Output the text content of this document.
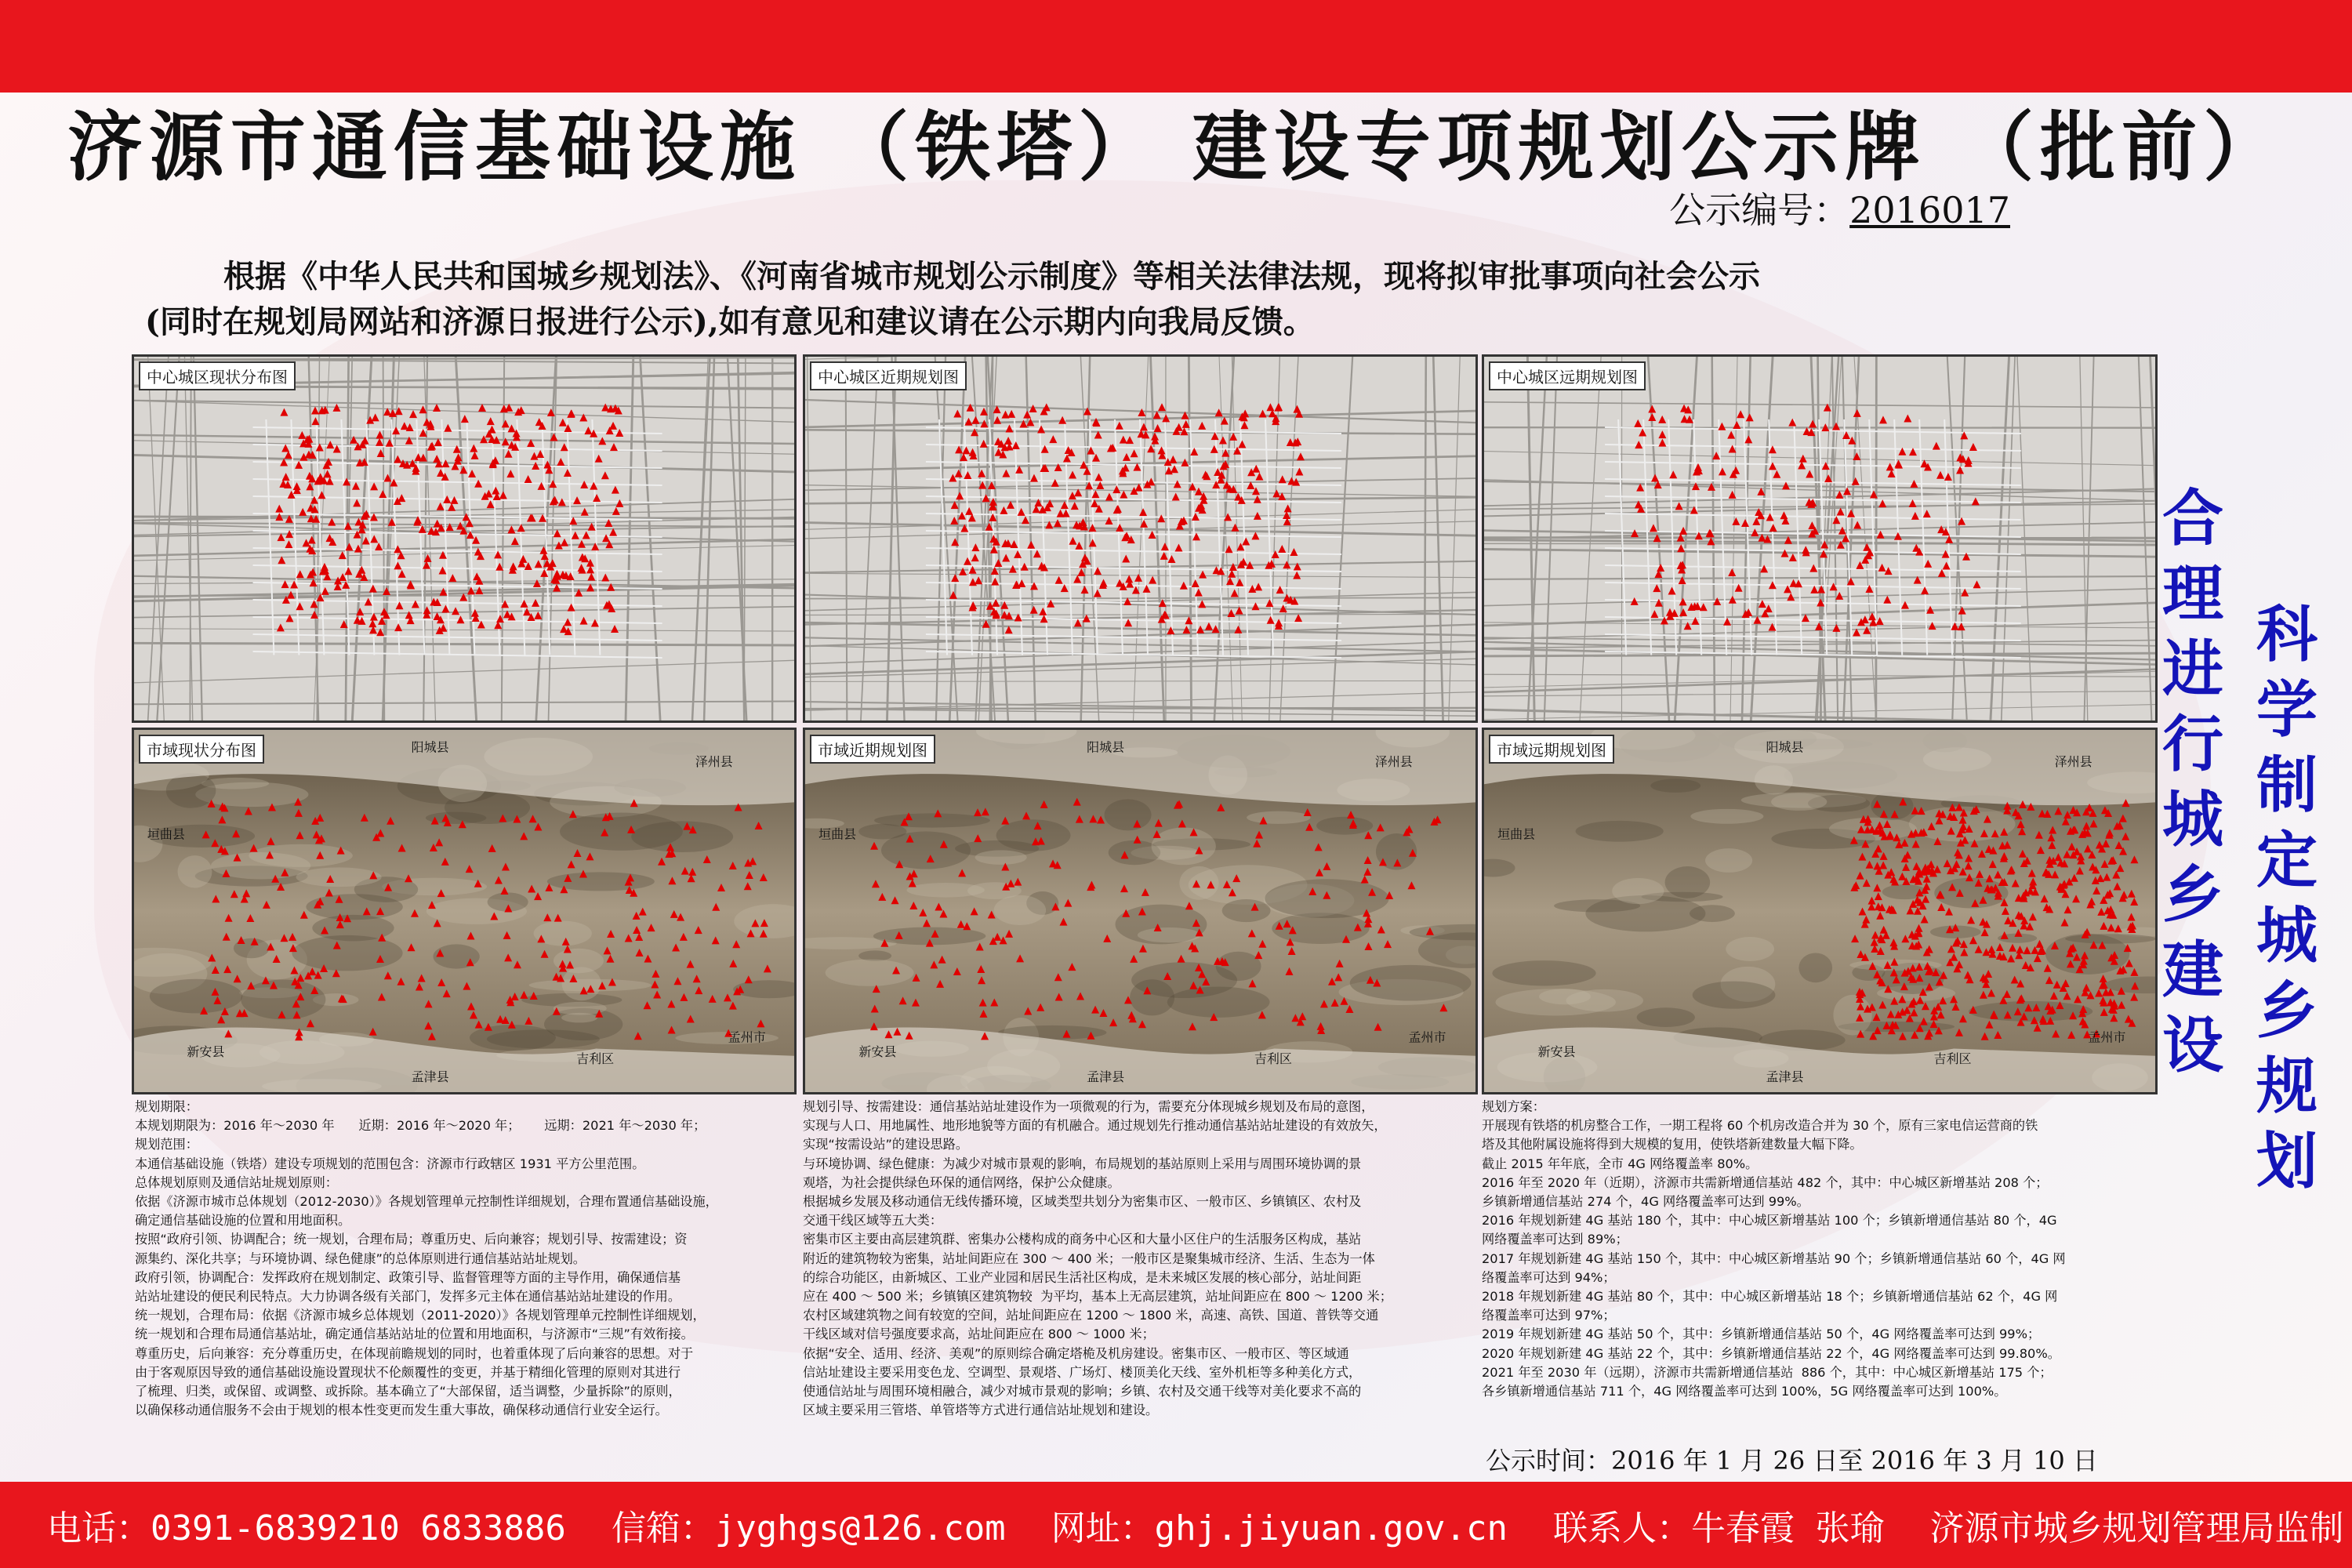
济源市通信基础设施 （铁塔） 建设专项规划公示牌 （批前）
公示编号：2016017

根据《中华人民共和国城乡规划法》、《河南省城市规划公示制度》等相关法律法规，现将拟审批事项向社会公示

(同时在规划局网站和济源日报进行公示),如有意见和建议请在公示期内向我局反馈。

中心城区现状分布图	中心城区近期规划图	中心城区远期规划图
阳城县
泽州县
垣曲县
新安县
孟津县
吉利区
孟州市
市域现状分布图	阳城县
泽州县
垣曲县
新安县
孟津县
吉利区
孟州市
市域近期规划图	阳城县
泽州县
垣曲县
新安县
孟津县
吉利区
孟州市
市域远期规划图
规划期限：
本规划期限为：2016 年～2030 年      近期：2016 年～2020 年；      远期：2021 年～2030 年；
规划范围：
本通信基础设施（铁塔）建设专项规划的范围包含：济源市行政辖区 1931 平方公里范围。
总体规划原则及通信站址规划原则：
依据《济源市城市总体规划（2012-2030）》各规划管理单元控制性详细规划，合理布置通信基础设施，
确定通信基础设施的位置和用地面积。
按照“政府引领、协调配合；统一规划，合理布局；尊重历史、后向兼容；规划引导、按需建设；资
源集约、深化共享；与环境协调、绿色健康”的总体原则进行通信基站站址规划。
政府引领，协调配合：发挥政府在规划制定、政策引导、监督管理等方面的主导作用，确保通信基
站站址建设的便民利民特点。大力协调各级有关部门，发挥多元主体在通信基站站址建设的作用。
统一规划，合理布局：依据《济源市城乡总体规划（2011-2020）》各规划管理单元控制性详细规划，
统一规划和合理布局通信基站址，确定通信基站站址的位置和用地面积，与济源市“三规”有效衔接。
尊重历史，后向兼容：充分尊重历史，在体现前瞻规划的同时，也着重体现了后向兼容的思想。对于
由于客观原因导致的通信基础设施设置现状不伦颇覆性的变更，并基于精细化管理的原则对其进行
了梳理、归类，或保留、或调整、或拆除。基本确立了“大部保留，适当调整，少量拆除”的原则，
以确保移动通信服务不会由于规划的根本性变更而发生重大事故，确保移动通信行业安全运行。
规划引导、按需建设：通信基站站址建设作为一项微观的行为，需要充分体现城乡规划及布局的意图，
实现与人口、用地属性、地形地貌等方面的有机融合。通过规划先行推动通信基站站址建设的有效放矢，
实现“按需设站”的建设思路。
与环境协调、绿色健康：为减少对城市景观的影响，布局规划的基站原则上采用与周围环境协调的景
观塔，为社会提供绿色环保的通信网络，保护公众健康。
根据城乡发展及移动通信无线传播环境，区域类型共划分为密集市区、一般市区、乡镇镇区、农村及
交通干线区域等五大类：
密集市区主要由高层建筑群、密集办公楼构成的商务中心区和大量小区住户的生活服务区构成，基站
附近的建筑物较为密集，站址间距应在 300 ～ 400 米；一般市区是聚集城市经济、生活、生态为一体
的综合功能区，由新城区、工业产业园和居民生活社区构成，是未来城区发展的核心部分，站址间距
应在 400 ～ 500 米；乡镇镇区建筑物较  为平均，基本上无高层建筑，站址间距应在 800 ～ 1200 米；
农村区域建筑物之间有较宽的空间，站址间距应在 1200 ～ 1800 米，高速、高铁、国道、普铁等交通
干线区域对信号强度要求高，站址间距应在 800 ～ 1000 米；
依据“安全、适用、经济、美观”的原则综合确定塔桅及机房建设。密集市区、一般市区、等区域通
信站址建设主要采用变色龙、空调型、景观塔、广场灯、楼顶美化天线、室外机柜等多种美化方式，
使通信站址与周围环境相融合，减少对城市景观的影响；乡镇、农村及交通干线等对美化要求不高的
区域主要采用三管塔、单管塔等方式进行通信站址规划和建设。
规划方案：
开展现有铁塔的机房整合工作，一期工程将 60 个机房改造合并为 30 个，原有三家电信运营商的铁
塔及其他附属设施将得到大规模的复用，使铁塔新建数量大幅下降。
截止 2015 年年底，全市 4G 网络覆盖率 80%。
2016 年至 2020 年（近期），济源市共需新增通信基站 482 个，其中：中心城区新增基站 208 个；
乡镇新增通信基站 274 个，4G 网络覆盖率可达到 99%。
2016 年规划新建 4G 基站 180 个，其中：中心城区新增基站 100 个；乡镇新增通信基站 80 个，4G
网络覆盖率可达到 89%；
2017 年规划新建 4G 基站 150 个，其中：中心城区新增基站 90 个；乡镇新增通信基站 60 个，4G 网
络覆盖率可达到 94%；
2018 年规划新建 4G 基站 80 个，其中：中心城区新增基站 18 个；乡镇新增通信基站 62 个，4G 网
络覆盖率可达到 97%；
2019 年规划新建 4G 基站 50 个，其中：乡镇新增通信基站 50 个，4G 网络覆盖率可达到 99%；
2020 年规划新建 4G 基站 22 个，其中：乡镇新增通信基站 22 个，4G 网络覆盖率可达到 99.80%。
2021 年至 2030 年（远期），济源市共需新增通信基站  886 个，其中：中心城区新增基站 175 个；
各乡镇新增通信基站 711 个，4G 网络覆盖率可达到 100%，5G 网络覆盖率可达到 100%。
公示时间：2016 年 1 月 26 日至 2016 年 3 月 10 日
合理进行城乡建设
科学制定城乡规划
电话：0391-6839210 6833886 信箱：jyghgs@126.com 网址：ghj.jiyuan.gov.cn 联系人：牛春霞 张瑜 济源市城乡规划管理局监制
